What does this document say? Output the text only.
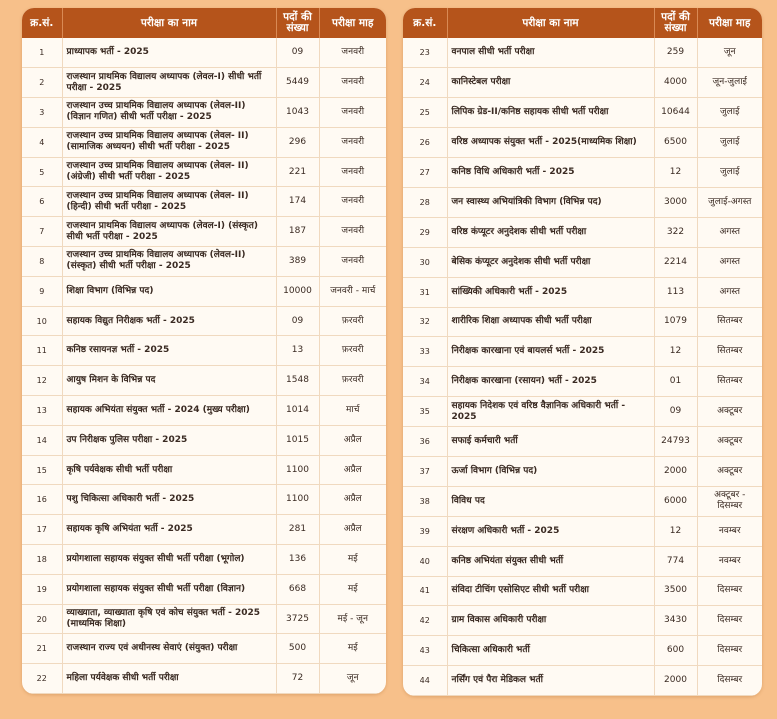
क्र.सं.	परीक्षा का नाम	पदों की संख्या	परीक्षा माह
1	प्राध्यापक भर्ती - 2025	09	जनवरी
2	राजस्थान प्राथमिक विद्यालय अध्यापक (लेवल-I) सीधी भर्ती परीक्षा - 2025	5449	जनवरी
3	राजस्थान उच्च प्राथमिक विद्यालय अध्यापक (लेवल-II) (विज्ञान गणित) सीधी भर्ती परीक्षा - 2025	1043	जनवरी
4	राजस्थान उच्च प्राथमिक विद्यालय अध्यापक (लेवल- II) (सामाजिक अध्ययन) सीधी भर्ती परीक्षा - 2025	296	जनवरी
5	राजस्थान उच्च प्राथमिक विद्यालय अध्यापक (लेवल- II) (अंग्रेजी) सीधी भर्ती परीक्षा - 2025	221	जनवरी
6	राजस्थान उच्च प्राथमिक विद्यालय अध्यापक (लेवल- II) (हिन्दी) सीधी भर्ती परीक्षा - 2025	174	जनवरी
7	राजस्थान प्राथमिक विद्यालय अध्यापक (लेवल-I) (संस्कृत) सीधी भर्ती परीक्षा - 2025	187	जनवरी
8	राजस्थान उच्च प्राथमिक विद्यालय अध्यापक (लेवल-II) (संस्कृत) सीधी भर्ती परीक्षा - 2025	389	जनवरी
9	शिक्षा विभाग (विभिन्न पद)	10000	जनवरी - मार्च
10	सहायक विद्युत निरीक्षक भर्ती - 2025	09	फ़रवरी
11	कनिष्ठ रसायनज्ञ भर्ती - 2025	13	फ़रवरी
12	आयुष मिशन के विभिन्न पद	1548	फ़रवरी
13	सहायक अभियंता संयुक्त भर्ती - 2024 (मुख्य परीक्षा)	1014	मार्च
14	उप निरीक्षक पुलिस परीक्षा - 2025	1015	अप्रैल
15	कृषि पर्यवेक्षक सीधी भर्ती परीक्षा	1100	अप्रैल
16	पशु चिकित्सा अधिकारी भर्ती - 2025	1100	अप्रैल
17	सहायक कृषि अभियंता भर्ती - 2025	281	अप्रैल
18	प्रयोगशाला सहायक संयुक्त सीधी भर्ती परीक्षा (भूगोल)	136	मई
19	प्रयोगशाला सहायक संयुक्त सीधी भर्ती परीक्षा (विज्ञान)	668	मई
20	व्याख्याता, व्याख्याता कृषि एवं कोच संयुक्त भर्ती - 2025 (माध्यमिक शिक्षा)	3725	मई - जून
21	राजस्थान राज्य एवं अधीनस्थ सेवाएं (संयुक्त) परीक्षा	500	मई
22	महिला पर्यवेक्षक सीधी भर्ती परीक्षा	72	जून
क्र.सं.	परीक्षा का नाम	पदों की संख्या	परीक्षा माह
23	वनपाल सीधी भर्ती परीक्षा	259	जून
24	कानिस्टेबल परीक्षा	4000	जून-जुलाई
25	लिपिक ग्रेड-II/कनिष्ठ सहायक सीधी भर्ती परीक्षा	10644	जुलाई
26	वरिष्ठ अध्यापक संयुक्त भर्ती - 2025(माध्यमिक शिक्षा)	6500	जुलाई
27	कनिष्ठ विधि अधिकारी भर्ती - 2025	12	जुलाई
28	जन स्वास्थ्य अभियांत्रिकी विभाग (विभिन्न पद)	3000	जुलाई-अगस्त
29	वरिष्ठ कंप्यूटर अनुदेशक सीधी भर्ती परीक्षा	322	अगस्त
30	बेसिक कंप्यूटर अनुदेशक सीधी भर्ती परीक्षा	2214	अगस्त
31	सांख्यिकी अधिकारी भर्ती - 2025	113	अगस्त
32	शारीरिक शिक्षा अध्यापक सीधी भर्ती परीक्षा	1079	सितम्बर
33	निरीक्षक कारखाना एवं बायलर्स भर्ती - 2025	12	सितम्बर
34	निरीक्षक कारखाना (रसायन) भर्ती - 2025	01	सितम्बर
35	सहायक निदेशक एवं वरिष्ठ वैज्ञानिक अधिकारी भर्ती - 2025	09	अक्टूबर
36	सफाई कर्मचारी भर्ती	24793	अक्टूबर
37	ऊर्जा विभाग (विभिन्न पद)	2000	अक्टूबर
38	विविध पद	6000	अक्टूबर - दिसम्बर
39	संरक्षण अधिकारी भर्ती - 2025	12	नवम्बर
40	कनिष्ठ अभियंता संयुक्त सीधी भर्ती	774	नवम्बर
41	संविदा टीचिंग एसोसिएट सीधी भर्ती परीक्षा	3500	दिसम्बर
42	ग्राम विकास अधिकारी परीक्षा	3430	दिसम्बर
43	चिकित्सा अधिकारी भर्ती	600	दिसम्बर
44	नर्सिंग एवं पैरा मेडिकल भर्ती	2000	दिसम्बर
